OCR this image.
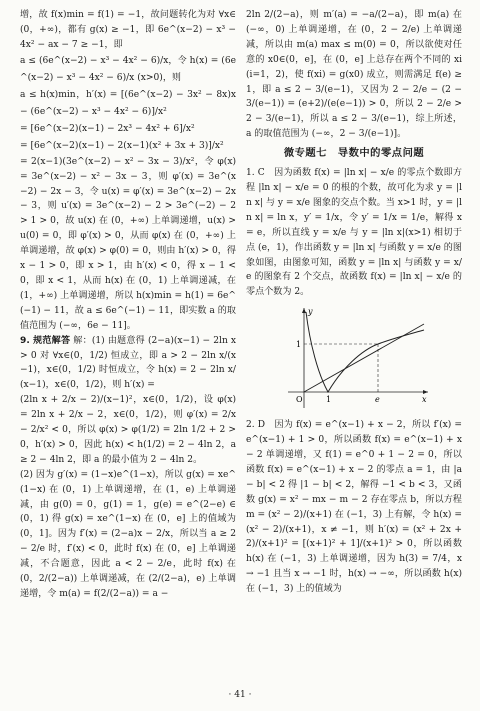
增，故 f(x)min = f(1) = −1，故问题转化为对 ∀x∈(0，+∞)，都有 g(x) ≥ −1，即 6e^(x−2) − x³ − 4x² − ax − 7 ≥ −1，即

a ≤ (6e^(x−2) − x³ − 4x² − 6)/x，令 h(x) = (6e^(x−2) − x³ − 4x² − 6)/x (x>0)，则

a ≤ h(x)min，h′(x) = [(6e^(x−2) − 3x² − 8x)x − (6e^(x−2) − x³ − 4x² − 6)]/x²

= [6e^(x−2)(x−1) − 2x³ − 4x² + 6]/x²

= [6e^(x−2)(x−1) − 2(x−1)(x² + 3x + 3)]/x²

= 2(x−1)(3e^(x−2) − x² − 3x − 3)/x²，令 φ(x) = 3e^(x−2) − x² − 3x − 3，则 φ′(x) = 3e^(x−2) − 2x − 3，令 u(x) = φ′(x) = 3e^(x−2) − 2x − 3，则 u′(x) = 3e^(x−2) − 2 > 3e^(−2) − 2 > 1 > 0，故 u(x) 在 (0，+∞) 上单调递增，u(x) > u(0) = 0，即 φ′(x) > 0，从而 φ(x) 在 (0，+∞) 上单调递增，故 φ(x) > φ(0) = 0，则由 h′(x) > 0，得 x − 1 > 0，即 x > 1，由 h′(x) < 0，得 x − 1 < 0，即 x < 1，从而 h(x) 在 (0，1) 上单调递减，在 (1，+∞) 上单调递增，所以 h(x)min = h(1) = 6e^(−1) − 11，故 a ≤ 6e^(−1) − 11，即实数 a 的取值范围为 (−∞，6e − 11]。

9. 规范解答 解：(1) 由题意得 (2−a)(x−1) − 2ln x > 0 对 ∀x∈(0，1/2) 恒成立，即 a > 2 − 2ln x/(x−1)，x∈(0，1/2) 时恒成立，令 h(x) = 2 − 2ln x/(x−1)，x∈(0，1/2)，则 h′(x) =

(2ln x + 2/x − 2)/(x−1)²，x∈(0，1/2)，设 φ(x) = 2ln x + 2/x − 2，x∈(0，1/2)，则 φ′(x) = 2/x − 2/x² < 0，所以 φ(x) > φ(1/2) = 2ln 1/2 + 2 > 0，h′(x) > 0，因此 h(x) < h(1/2) = 2 − 4ln 2，a ≥ 2 − 4ln 2，即 a 的最小值为 2 − 4ln 2。

(2) 因为 g′(x) = (1−x)e^(1−x)，所以 g(x) = xe^(1−x) 在 (0，1) 上单调递增，在 (1，e) 上单调递减，由 g(0) = 0，g(1) = 1，g(e) = e^(2−e) ∈ (0，1) 得 g(x) = xe^(1−x) 在 (0，e] 上的值域为 (0，1]。因为 f′(x) = (2−a)x − 2/x，所以当 a ≥ 2 − 2/e 时，f′(x) < 0，此时 f(x) 在 (0，e] 上单调递减，不合题意，因此 a < 2 − 2/e，此时 f(x) 在 (0，2/(2−a)) 上单调递减，在 (2/(2−a)，e) 上单调递增，令 m(a) = f(2/(2−a)) = a −

2ln 2/(2−a)，则 m′(a) = −a/(2−a)，即 m(a) 在 (−∞，0) 上单调递增，在 (0，2 − 2/e) 上单调递减，所以由 m(a) max ≤ m(0) = 0，所以欲使对任意的 x0∈(0，e]，在 (0，e] 上总存在两个不同的 xi (i=1，2)，使 f(xi) = g(x0) 成立，则需满足 f(e) ≥ 1，即 a ≤ 2 − 3/(e−1)，又因为 2 − 2/e − (2 − 3/(e−1)) = (e+2)/(e(e−1)) > 0，所以 2 − 2/e > 2 − 3/(e−1)，所以 a ≤ 2 − 3/(e−1)，综上所述，a 的取值范围为 (−∞，2 − 3/(e−1)]。

微专题七　导数中的零点问题

1. C　因为函数 f(x) = |ln x| − x/e 的零点个数即方程 |ln x| − x/e = 0 的根的个数，故可化为求 y = |ln x| 与 y = x/e 图象的交点个数。当 x>1 时，y = |ln x| = ln x，y′ = 1/x，令 y′ = 1/x = 1/e，解得 x = e，所以直线 y = x/e 与 y = |ln x|(x>1) 相切于点 (e，1)，作出函数 y = |ln x| 与函数 y = x/e 的图象如图，由图象可知，函数 y = |ln x| 与函数 y = x/e 的图象有 2 个交点，故函数 f(x) = |ln x| − x/e 的零点个数为 2。

1
O	1	e	x
y

2. D　因为 f(x) = e^(x−1) + x − 2，所以 f′(x) = e^(x−1) + 1 > 0，所以函数 f(x) = e^(x−1) + x − 2 单调递增，又 f(1) = e^0 + 1 − 2 = 0，所以函数 f(x) = e^(x−1) + x − 2 的零点 a = 1，由 |a − b| < 2 得 |1 − b| < 2，解得 −1 < b < 3，又函数 g(x) = x² − mx − m − 2 存在零点 b，所以方程 m = (x² − 2)/(x+1) 在 (−1，3) 上有解，令 h(x) = (x² − 2)/(x+1)，x ≠ −1，则 h′(x) = (x² + 2x + 2)/(x+1)² = [(x+1)² + 1]/(x+1)² > 0，所以函数 h(x) 在 (−1，3) 上单调递增，因为 h(3) = 7/4，x → −1 且当 x → −1 时，h(x) → −∞，所以函数 h(x) 在 (−1，3) 上的值域为

· 41 ·
